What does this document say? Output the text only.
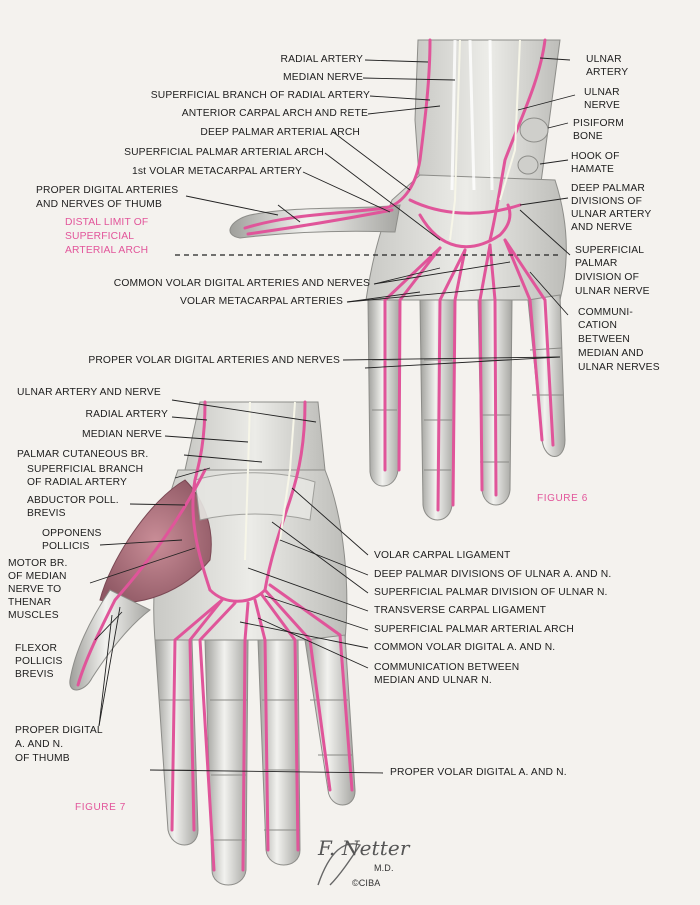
RADIAL ARTERY
MEDIAN NERVE
SUPERFICIAL BRANCH OF RADIAL ARTERY
ANTERIOR CARPAL ARCH AND RETE
DEEP PALMAR ARTERIAL ARCH
SUPERFICIAL PALMAR ARTERIAL ARCH
1st VOLAR METACARPAL ARTERY
PROPER DIGITAL ARTERIES
AND NERVES OF THUMB
DISTAL LIMIT OF
SUPERFICIAL
ARTERIAL ARCH
COMMON VOLAR DIGITAL ARTERIES AND NERVES
VOLAR METACARPAL ARTERIES
PROPER VOLAR DIGITAL ARTERIES AND NERVES
ULNAR
ARTERY
ULNAR
NERVE
PISIFORM
BONE
HOOK OF
HAMATE
DEEP PALMAR
DIVISIONS OF
ULNAR ARTERY
AND NERVE
SUPERFICIAL
PALMAR
DIVISION OF
ULNAR NERVE
COMMUNI-
CATION
BETWEEN
MEDIAN AND
ULNAR NERVES
FIGURE 6
ULNAR ARTERY AND NERVE
RADIAL ARTERY
MEDIAN NERVE
PALMAR CUTANEOUS BR.
SUPERFICIAL BRANCH
OF RADIAL ARTERY
ABDUCTOR POLL.
BREVIS
OPPONENS
POLLICIS
MOTOR BR.
OF MEDIAN
NERVE TO
THENAR
MUSCLES
FLEXOR
POLLICIS
BREVIS
PROPER DIGITAL
A. AND N.
OF THUMB
VOLAR CARPAL LIGAMENT
DEEP PALMAR DIVISIONS OF ULNAR A. AND N.
SUPERFICIAL PALMAR DIVISION OF ULNAR N.
TRANSVERSE CARPAL LIGAMENT
SUPERFICIAL PALMAR ARTERIAL ARCH
COMMON VOLAR DIGITAL A. AND N.
COMMUNICATION BETWEEN
MEDIAN AND ULNAR N.
PROPER VOLAR DIGITAL A. AND N.
FIGURE 7
F. Netter
M.D.
©CIBA
